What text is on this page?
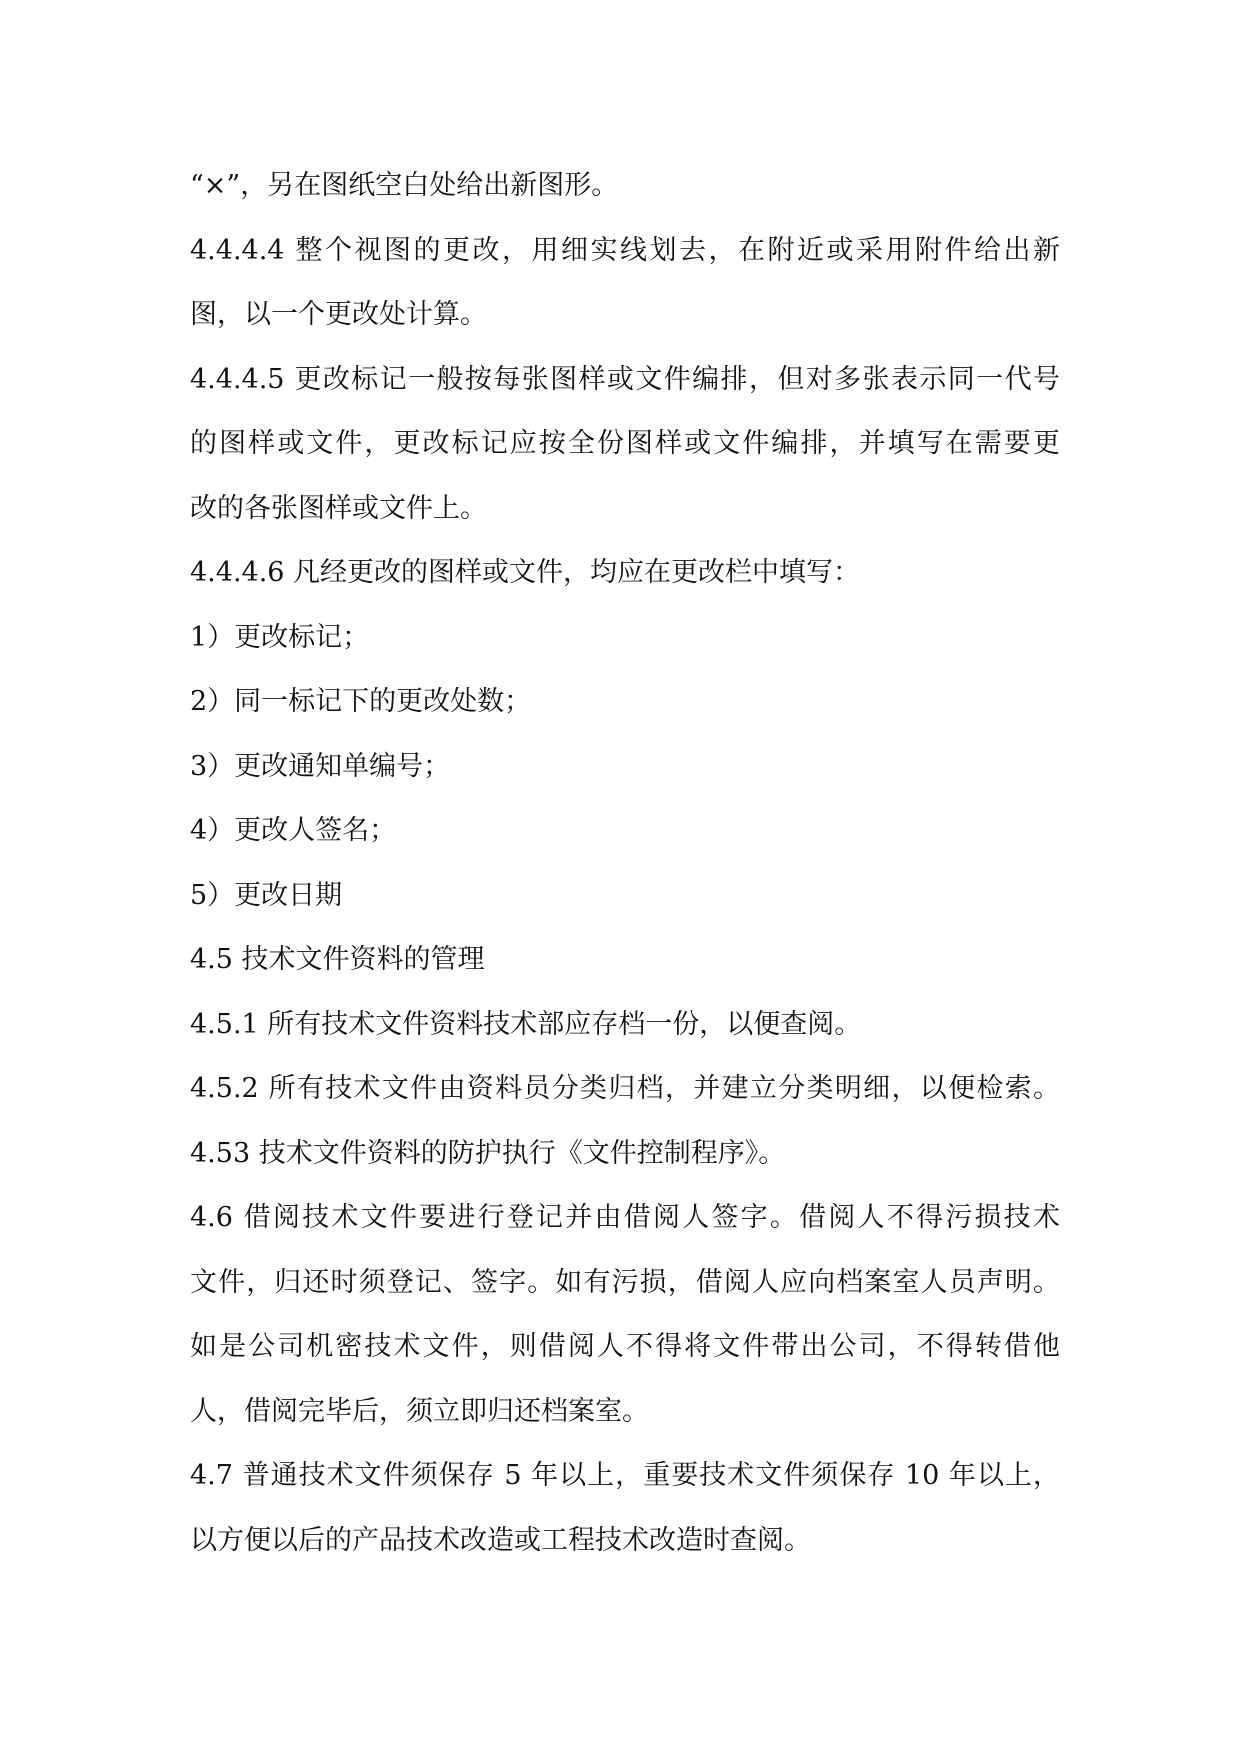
“×”，另在图纸空白处给出新图形。
4.4.4.4 整个视图的更改，用细实线划去，在附近或采用附件给出新
图，以一个更改处计算。
4.4.4.5 更改标记一般按每张图样或文件编排，但对多张表示同一代号
的图样或文件，更改标记应按全份图样或文件编排，并填写在需要更
改的各张图样或文件上。
4.4.4.6 凡经更改的图样或文件，均应在更改栏中填写：
1）更改标记；
2）同一标记下的更改处数；
3）更改通知单编号；
4）更改人签名；
5）更改日期
4.5 技术文件资料的管理
4.5.1 所有技术文件资料技术部应存档一份，以便查阅。
4.5.2 所有技术文件由资料员分类归档，并建立分类明细，以便检索。
4.53 技术文件资料的防护执行《文件控制程序》。
4.6 借阅技术文件要进行登记并由借阅人签字。借阅人不得污损技术
文件，归还时须登记、签字。如有污损，借阅人应向档案室人员声明。
如是公司机密技术文件，则借阅人不得将文件带出公司，不得转借他
人，借阅完毕后，须立即归还档案室。
4.7 普通技术文件须保存 5 年以上，重要技术文件须保存 10 年以上，
以方便以后的产品技术改造或工程技术改造时查阅。
